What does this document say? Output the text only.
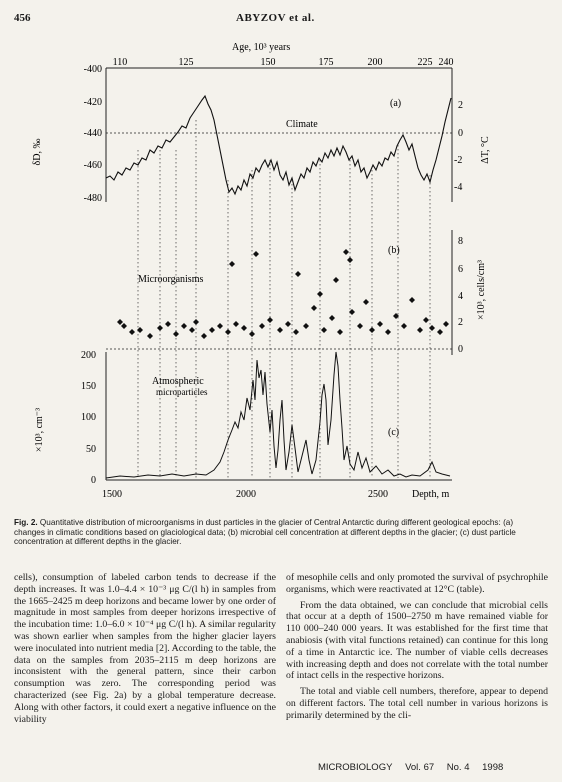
456	ABYZOV et al.
Age, 10³ years
110	125	150	175	200	225 240
-400
-420
-440
-460
-480
δD, ‰
2
0
-2
-4
ΔT, °C
Climate
(a)
8
6
4
2
0
×10³, cells/cm³
Microorganisms
(b)
200
150
100
50
0
×10³, cm⁻³
1500	2000	2500 Depth, m
Atmospheric
microparticles
(c)
Fig. 2. Quantitative distribution of microorganisms in dust particles in the glacier of Central Antarctic during different geological epochs: (a) changes in climatic conditions based on glaciological data; (b) microbial cell concentration at different depths in the glacier; (c) dust particle concentration at different depths in the glacier.

cells), consumption of labeled carbon tends to decrease if the depth increases. It was 1.0–4.4 × 10⁻³ μg C/(l h) in samples from the 1665–2425 m deep horizons and became lower by one order of magnitude in most samples from deeper horizons irrespective of the incubation time: 1.0–6.0 × 10⁻⁴ μg C/(l h). A similar regularity was shown earlier when samples from the higher glacier layers were inoculated into nutrient media [2]. According to the table, the data on the samples from 2035–2115 m deep horizons are inconsistent with the general pattern, since their carbon consumption was zero. The corresponding period was characterized (see Fig. 2a) by a global temperature decrease. Along with other factors, it could exert a negative influence on the viability

of mesophile cells and only promoted the survival of psychrophile organisms, which were reactivated at 12°C (table).

From the data obtained, we can conclude that microbial cells that occur at a depth of 1500–2750 m have remained viable for 110 000–240 000 years. It was established for the first time that anabiosis (with vital functions retained) can continue for this long of a time in Antarctic ice. The number of viable cells decreases with increasing depth and does not correlate with the total number of intact cells in the respective horizons.

The total and viable cell numbers, therefore, appear to depend on different factors. The total cell number in various horizons is primarily determined by the cli-

MICROBIOLOGY Vol. 67 No. 4 1998
